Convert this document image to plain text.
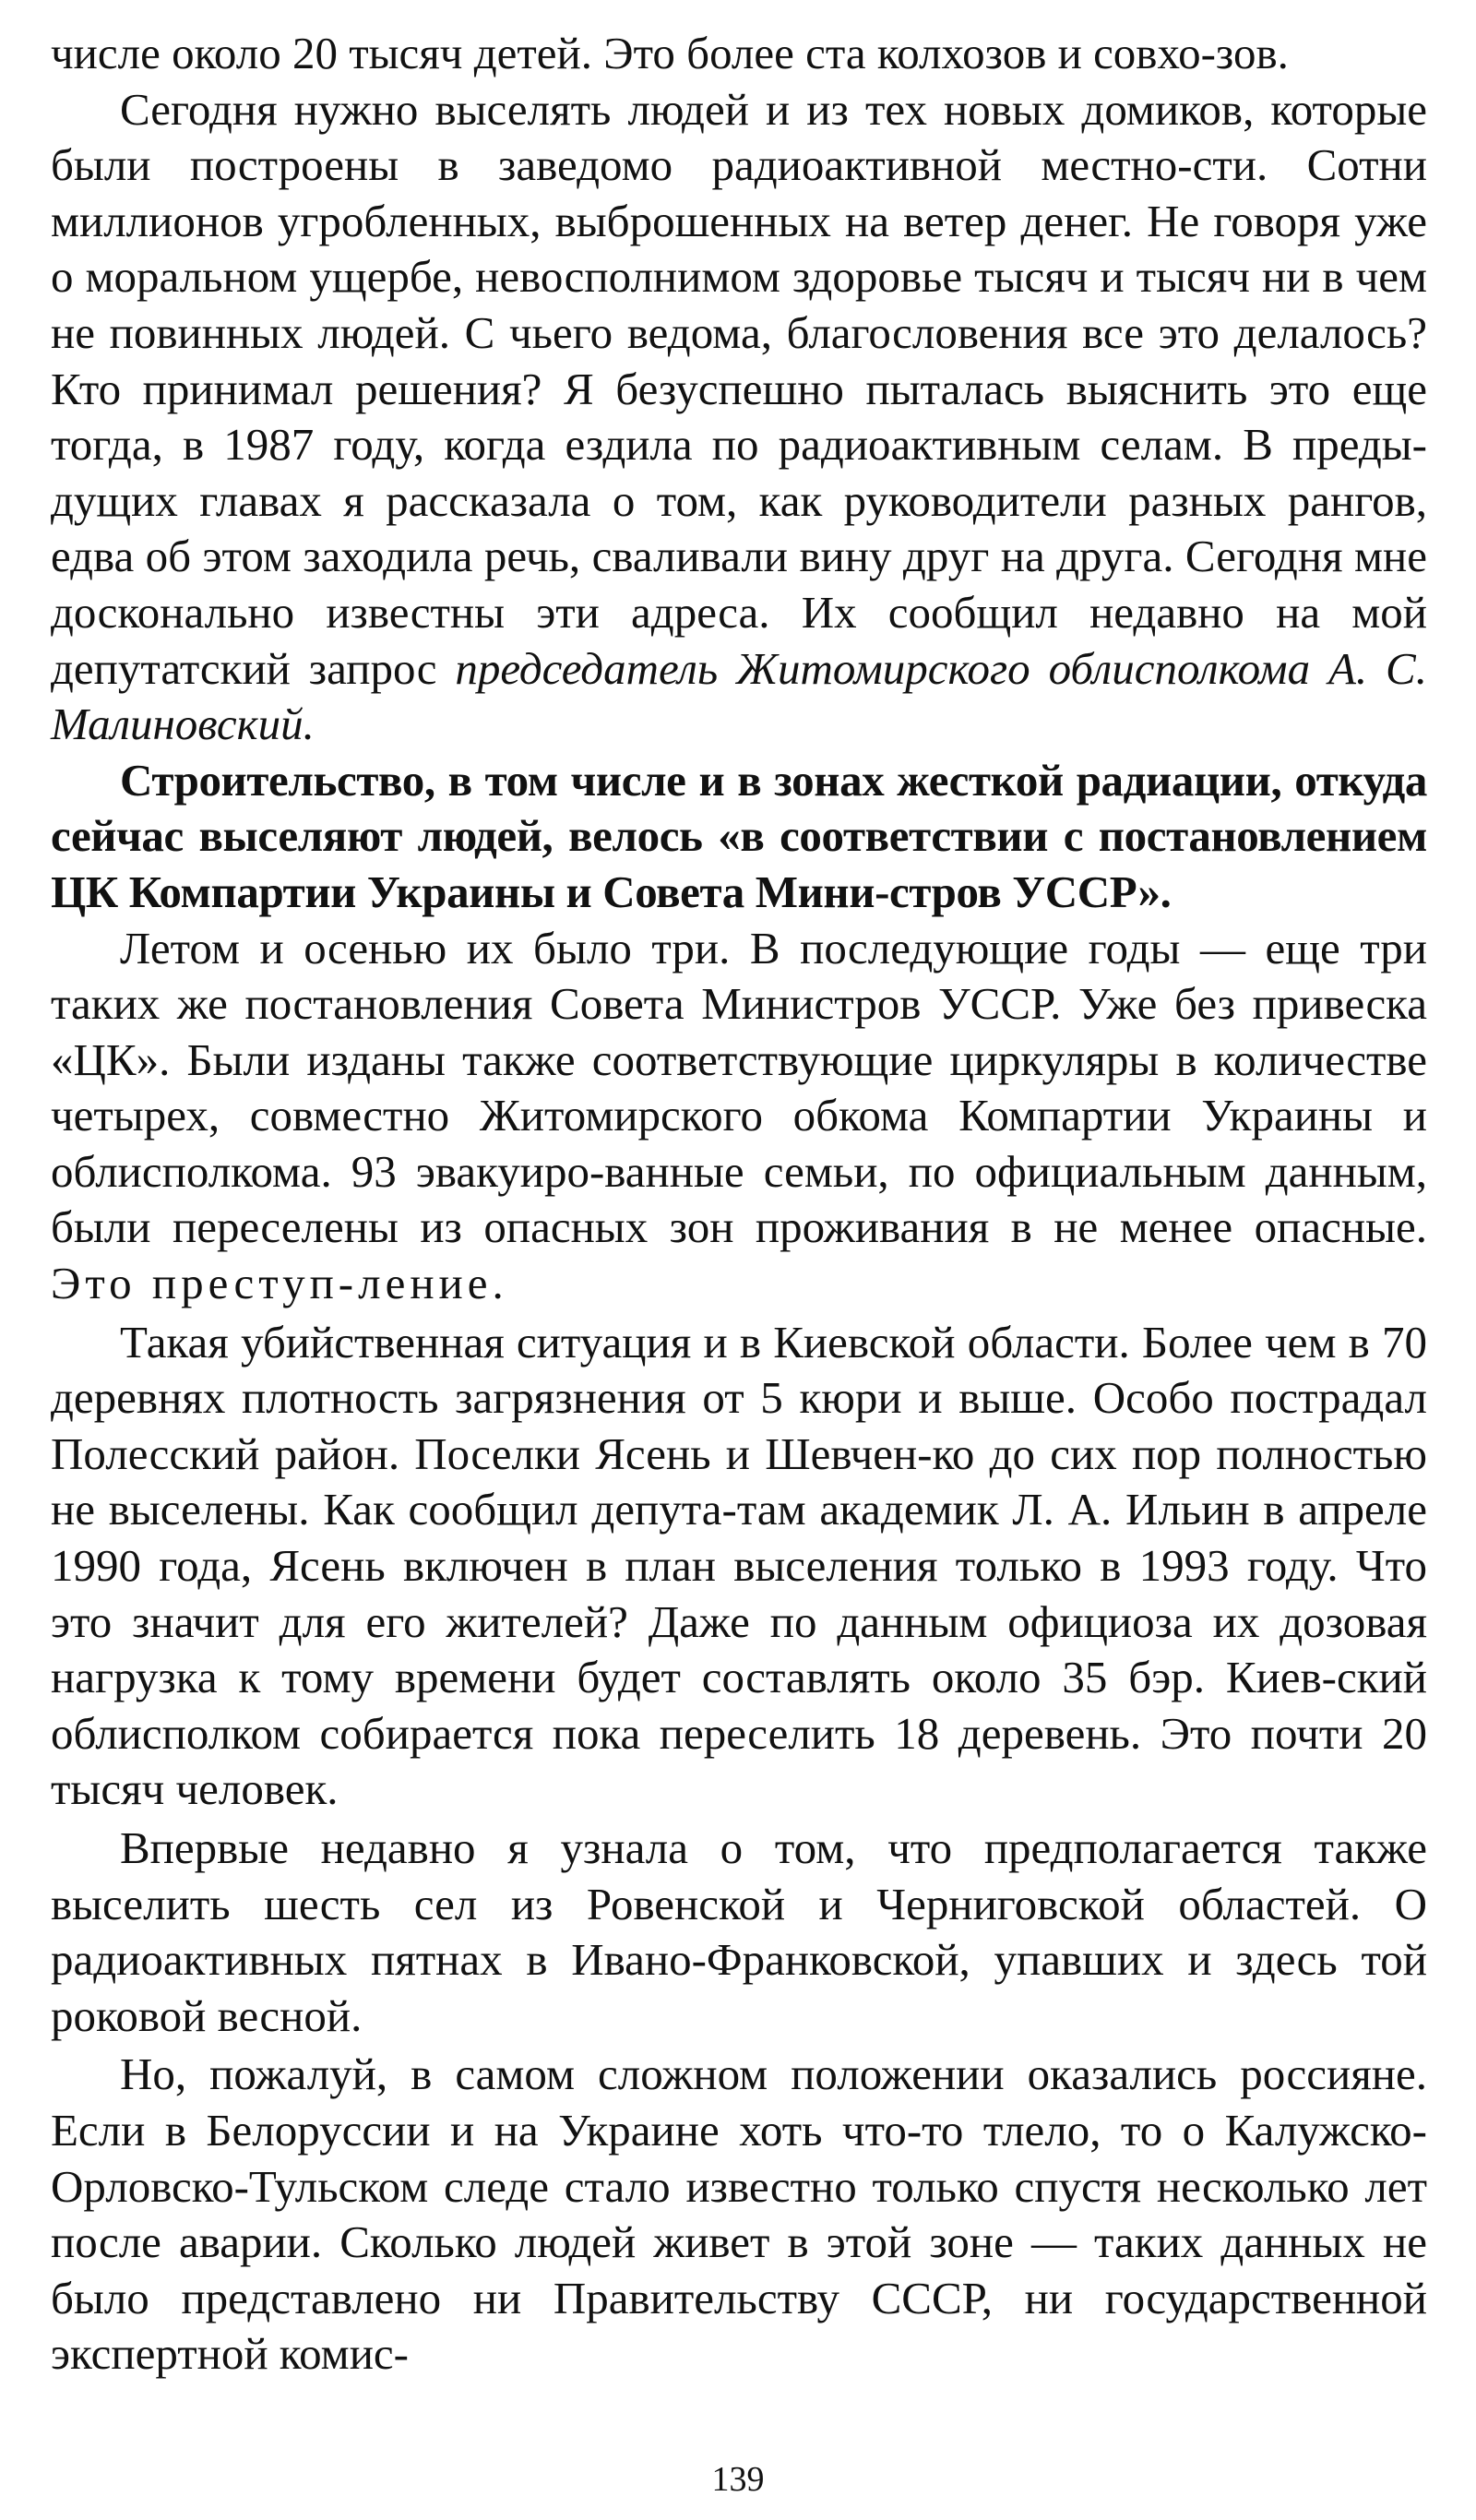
числе около 20 тысяч детей. Это более ста колхозов и совхо-зов.

Сегодня нужно выселять людей и из тех новых домиков, которые были построены в заведомо радиоактивной местно-сти. Сотни миллионов угробленных, выброшенных на ветер денег. Не говоря уже о моральном ущербе, невосполнимом здоровье тысяч и тысяч ни в чем не повинных людей. С чьего ведома, благословения все это делалось? Кто принимал решения? Я безуспешно пыталась выяснить это еще тогда, в 1987 году, когда ездила по радиоактивным селам. В преды-дущих главах я рассказала о том, как руководители разных рангов, едва об этом заходила речь, сваливали вину друг на друга. Сегодня мне досконально известны эти адреса. Их сообщил недавно на мой депутатский запрос председатель Житомирского облисполкома А. С. Малиновский.

Строительство, в том числе и в зонах жесткой радиации, откуда сейчас выселяют людей, велось «в соответствии с постановлением ЦК Компартии Украины и Совета Мини-стров УССР».

Летом и осенью их было три. В последующие годы — еще три таких же постановления Совета Министров УССР. Уже без привеска «ЦК». Были изданы также соответствующие циркуляры в количестве четырех, совместно Житомирского обкома Компартии Украины и облисполкома. 93 эвакуиро-ванные семьи, по официальным данным, были переселены из опасных зон проживания в не менее опасные. Это преступ-ление.

Такая убийственная ситуация и в Киевской области. Более чем в 70 деревнях плотность загрязнения от 5 кюри и выше. Особо пострадал Полесский район. Поселки Ясень и Шевчен-ко до сих пор полностью не выселены. Как сообщил депута-там академик Л. А. Ильин в апреле 1990 года, Ясень включен в план выселения только в 1993 году. Что это значит для его жителей? Даже по данным официоза их дозовая нагрузка к тому времени будет составлять около 35 бэр. Киев-ский облисполком собирается пока переселить 18 деревень. Это почти 20 тысяч человек.

Впервые недавно я узнала о том, что предполагается также выселить шесть сел из Ровенской и Черниговской областей. О радиоактивных пятнах в Ивано-Франковской, упавших и здесь той роковой весной.

Но, пожалуй, в самом сложном положении оказались россияне. Если в Белоруссии и на Украине хоть что-то тлело, то о Калужско-Орловско-Тульском следе стало известно только спустя несколько лет после аварии. Сколько людей живет в этой зоне — таких данных не было представлено ни Правительству СССР, ни государственной экспертной комис-

139
